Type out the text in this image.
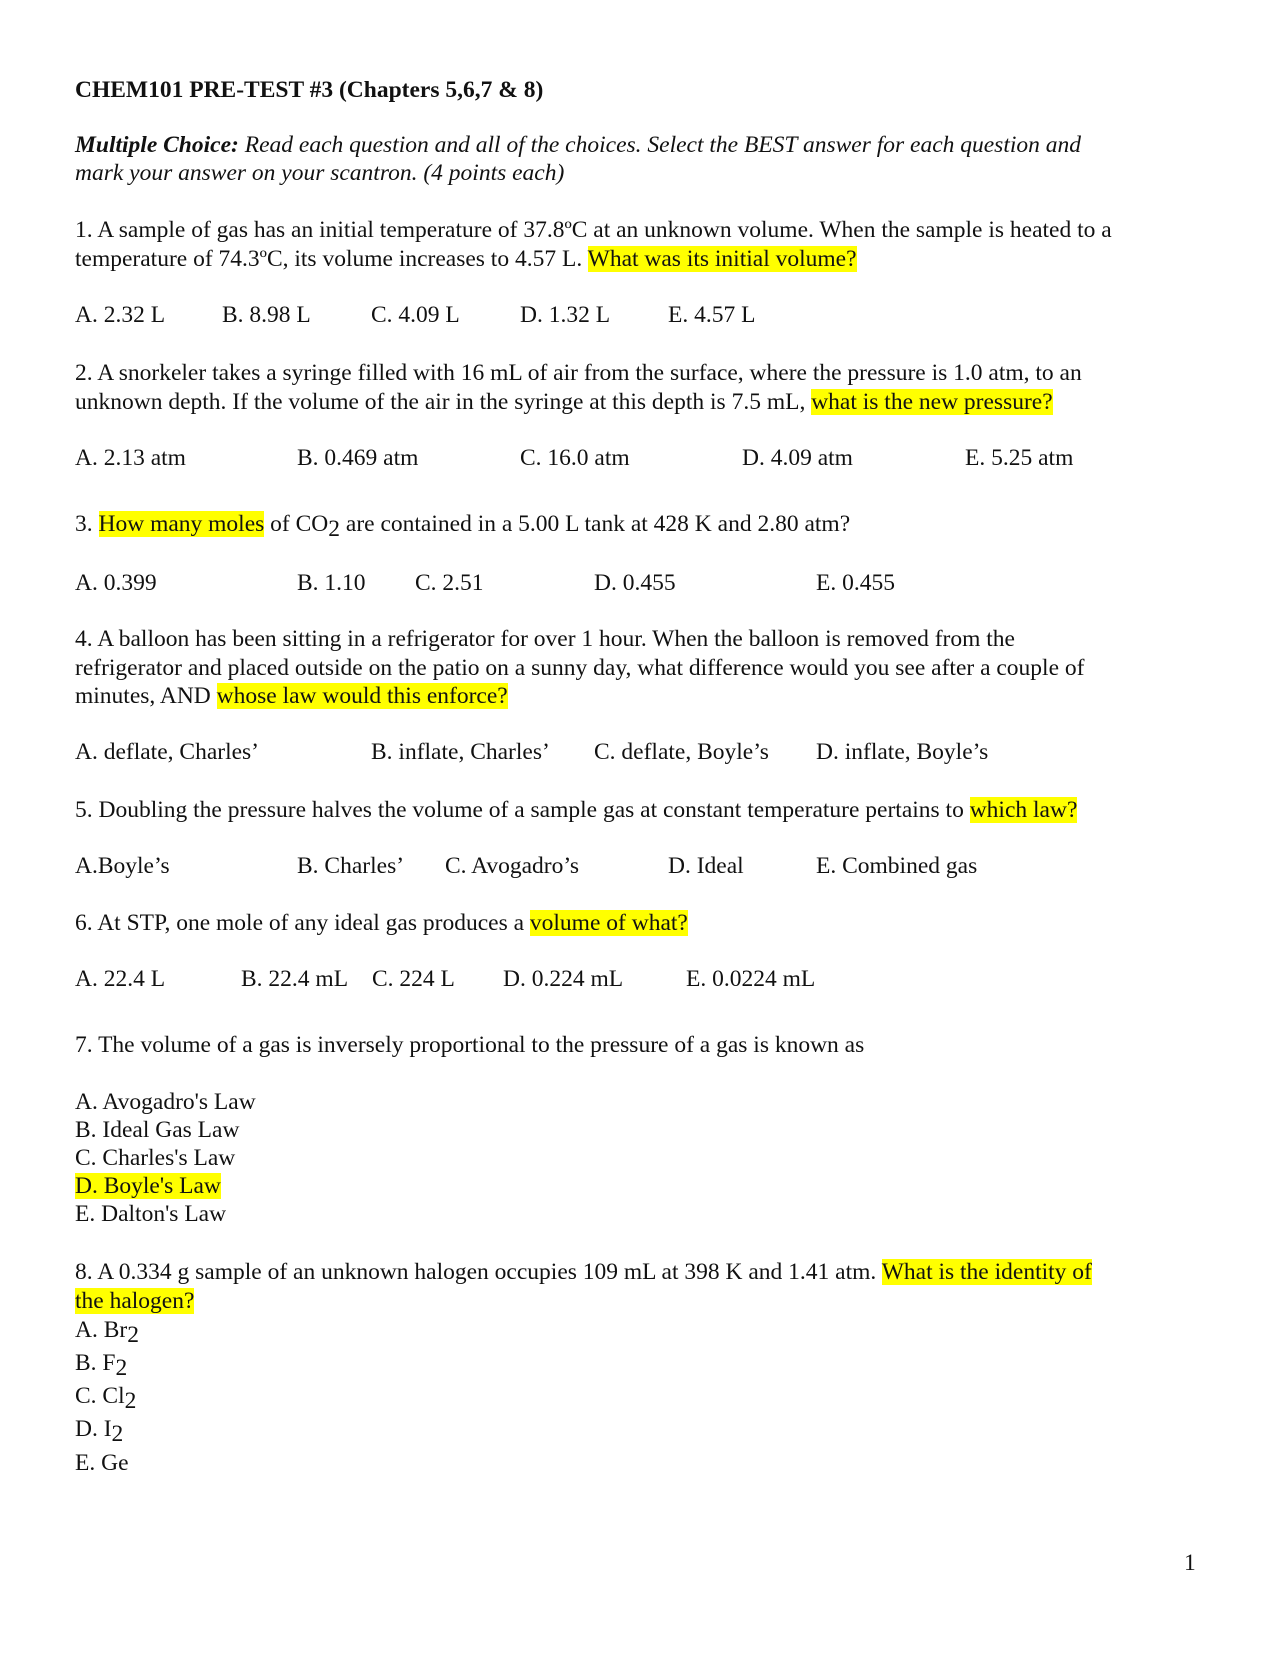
CHEM101 PRE-TEST #3 (Chapters 5,6,7 & 8)
Multiple Choice: Read each question and all of the choices. Select the BEST answer for each question and
mark your answer on your scantron. (4 points each)
1. A sample of gas has an initial temperature of 37.8ºC at an unknown volume. When the sample is heated to a
temperature of 74.3ºC, its volume increases to 4.57 L. What was its initial volume?
A. 2.32 L B. 8.98 L	C. 4.09 L	D. 1.32 L E. 4.57 L
2. A snorkeler takes a syringe filled with 16 mL of air from the surface, where the pressure is 1.0 atm, to an
unknown depth. If the volume of the air in the syringe at this depth is 7.5 mL, what is the new pressure?
A. 2.13 atm	B. 0.469 atm	C. 16.0 atm	D. 4.09 atm	E. 5.25 atm
3. How many moles of $CO_2$ are contained in a 5.00 L tank at 428 K and 2.80 atm?
A. 0.399	B. 1.10 C. 2.51	D. 0.455	E. 0.455
4. A balloon has been sitting in a refrigerator for over 1 hour. When the balloon is removed from the
refrigerator and placed outside on the patio on a sunny day, what difference would you see after a couple of
minutes, AND whose law would this enforce?
A. deflate, Charles’	B. inflate, Charles’ C. deflate, Boyle’s D. inflate, Boyle’s
5. Doubling the pressure halves the volume of a sample gas at constant temperature pertains to which law?
A.Boyle’s	B. Charles’ C. Avogadro’s	D. Ideal	E. Combined gas
6. At STP, one mole of any ideal gas produces a volume of what?
A. 22.4 L	B. 22.4 mL C. 224 L D. 0.224 mL	E. 0.0224 mL
7. The volume of a gas is inversely proportional to the pressure of a gas is known as
A. Avogadro's Law
B. Ideal Gas Law
C. Charles's Law
D. Boyle's Law
E. Dalton's Law
8. A 0.334 g sample of an unknown halogen occupies 109 mL at 398 K and 1.41 atm. What is the identity of
the halogen?
A. $Br_2$
B. $F_2$
C. $Cl_2$
D. $I_2$
E. Ge
1
